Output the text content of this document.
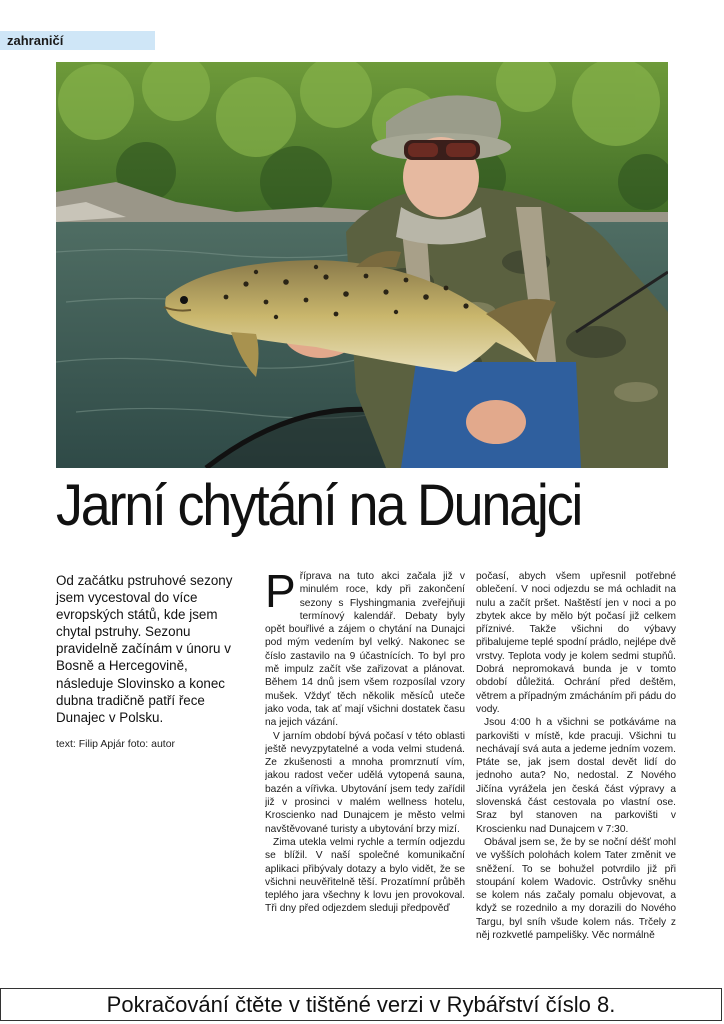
zahraničí
Jarní chytání na Dunajci
Od začátku pstruhové sezony jsem vycestoval do více evropských států, kde jsem chytal pstruhy. Sezonu pravidelně začínám v únoru v Bosně a Hercegovině, následuje Slovinsko a konec dubna tradičně patří řece Dunajec v Polsku.
text: Filip Apjár foto: autor

Příprava na tuto akci začala již v minulém roce, kdy při zakončení sezony s Flyshingmania zveřejňuji termínový kalendář. Debaty byly opět bouřlivé a zájem o chytání na Dunajci pod mým vedením byl velký. Nakonec se číslo zastavilo na 9 účastnících. To byl pro mě impulz začít vše zařizovat a plánovat. Během 14 dnů jsem všem rozposílal vzory mušek. Vždyť těch několik měsíců uteče jako voda, tak ať mají všichni dostatek času na jejich vázání.

V jarním období bývá počasí v této oblasti ještě nevyzpytatelné a voda velmi studená. Ze zkušenosti a mnoha promrznutí vím, jakou radost večer udělá vytopená sauna, bazén a vířivka. Ubytování jsem tedy zařídil již v prosinci v malém wellness hotelu, Kroscienko nad Dunajcem je město velmi navštěvované turisty a ubytování brzy mizí.

Zima utekla velmi rychle a termín odjezdu se blížil. V naší společné komunikační aplikaci přibývaly dotazy a bylo vidět, že se všichni neuvěřitelně těší. Prozatímní průběh teplého jara všechny k lovu jen provokoval. Tři dny před odjezdem sleduji předpověď

počasí, abych všem upřesnil potřebné oblečení. V noci odjezdu se má ochladit na nulu a začít pršet. Naštěstí jen v noci a po zbytek akce by mělo být počasí již celkem příznivé. Takže všichni do výbavy přibalujeme teplé spodní prádlo, nejlépe dvě vrstvy. Teplota vody je kolem sedmi stupňů. Dobrá nepromokavá bunda je v tomto období důležitá. Ochrání před deštěm, větrem a případným zmácháním při pádu do vody.

Jsou 4:00 h a všichni se potkáváme na parkovišti v místě, kde pracuji. Všichni tu nechávají svá auta a jedeme jedním vozem. Ptáte se, jak jsem dostal devět lidí do jednoho auta? No, nedostal. Z Nového Jičína vyrážela jen česká část výpravy a slovenská část cestovala po vlastní ose. Sraz byl stanoven na parkovišti v Kroscienku nad Dunajcem v 7:30.

Obával jsem se, že by se noční déšť mohl ve vyšších polohách kolem Tater změnit ve sněžení. To se bohužel potvrdilo již při stoupání kolem Wadovic. Ostrůvky sněhu se kolem nás začaly pomalu objevovat, a když se rozednilo a my dorazili do Nového Targu, byl sníh všude kolem nás. Trčely z něj rozkvetlé pampelišky. Věc normálně

Pokračování čtěte v tištěné verzi v Rybářství číslo 8.
